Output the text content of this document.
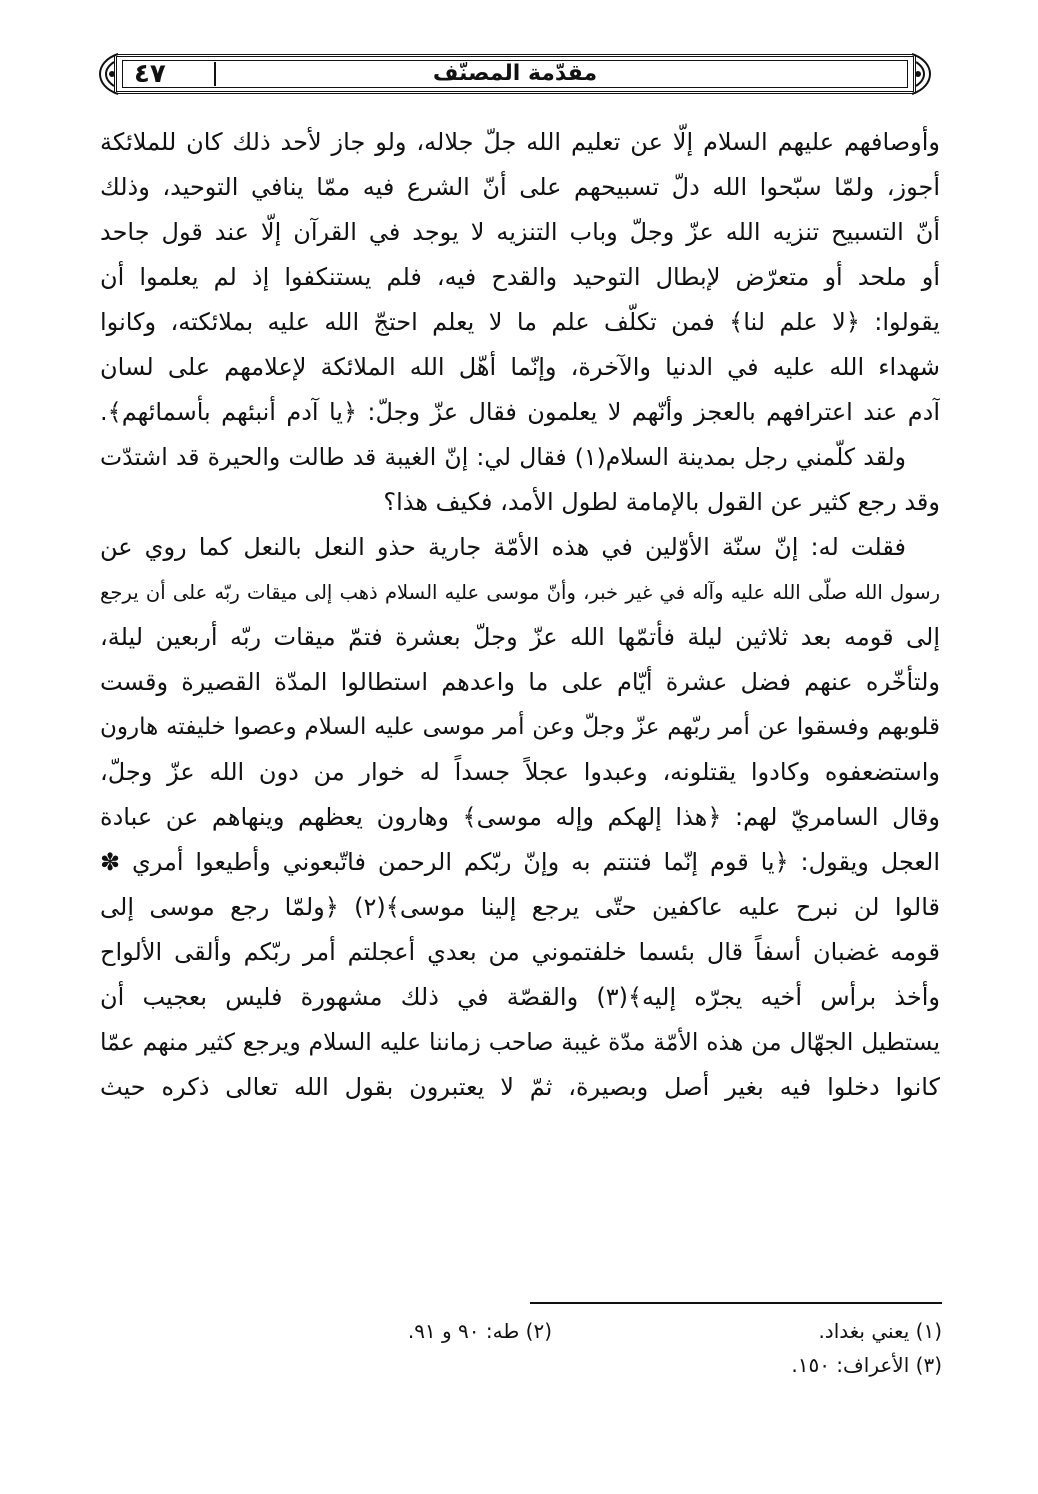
٤٧	مقدّمة المصنّف
وأوصافهم عليهم السلام إلّا عن تعليم الله جلّ جلاله، ولو جاز لأحد ذلك كان للملائكة
أجوز، ولمّا سبّحوا الله دلّ تسبيحهم على أنّ الشرع فيه ممّا ينافي التوحيد، وذلك
أنّ التسبيح تنزيه الله عزّ وجلّ وباب التنزيه لا يوجد في القرآن إلّا عند قول جاحد
أو ملحد أو متعرّض لإبطال التوحيد والقدح فيه، فلم يستنكفوا إذ لم يعلموا أن
يقولوا: ﴿لا علم لنا﴾ فمن تكلّف علم ما لا يعلم احتجّ الله عليه بملائكته، وكانوا
شهداء الله عليه في الدنيا والآخرة، وإنّما أهّل الله الملائكة لإعلامهم على لسان
آدم عند اعترافهم بالعجز وأنّهم لا يعلمون فقال عزّ وجلّ: ﴿يا آدم أنبئهم بأسمائهم﴾.
ولقد كلّمني رجل بمدينة السلام(١) فقال لي: إنّ الغيبة قد طالت والحيرة قد اشتدّت
وقد رجع كثير عن القول بالإمامة لطول الأمد، فكيف هذا؟
فقلت له: إنّ سنّة الأوّلين في هذه الأمّة جارية حذو النعل بالنعل كما روي عن
رسول الله صلّى الله عليه وآله في غير خبر، وأنّ موسى عليه السلام ذهب إلى ميقات ربّه على أن يرجع
إلى قومه بعد ثلاثين ليلة فأتمّها الله عزّ وجلّ بعشرة فتمّ ميقات ربّه أربعين ليلة،
ولتأخّره عنهم فضل عشرة أيّام على ما واعدهم استطالوا المدّة القصيرة وقست
قلوبهم وفسقوا عن أمر ربّهم عزّ وجلّ وعن أمر موسى عليه السلام وعصوا خليفته هارون
واستضعفوه وكادوا يقتلونه، وعبدوا عجلاً جسداً له خوار من دون الله عزّ وجلّ،
وقال السامريّ لهم: ﴿هذا إلهكم وإله موسى﴾ وهارون يعظهم وينهاهم عن عبادة
العجل ويقول: ﴿يا قوم إنّما فتنتم به وإنّ ربّكم الرحمن فاتّبعوني وأطيعوا أمري ✽
قالوا لن نبرح عليه عاكفين حتّى يرجع إلينا موسى﴾(٢) ﴿ولمّا رجع موسى إلى
قومه غضبان أسفاً قال بئسما خلفتموني من بعدي أعجلتم أمر ربّكم وألقى الألواح
وأخذ برأس أخيه يجرّه إليه﴾(٣) والقصّة في ذلك مشهورة فليس بعجيب أن
يستطيل الجهّال من هذه الأمّة مدّة غيبة صاحب زماننا عليه السلام ويرجع كثير منهم عمّا
كانوا دخلوا فيه بغير أصل وبصيرة، ثمّ لا يعتبرون بقول الله تعالى ذكره حيث
(١) يعني بغداد.
(٢) طه: ٩٠ و ٩١.
(٣) الأعراف: ١٥٠.
